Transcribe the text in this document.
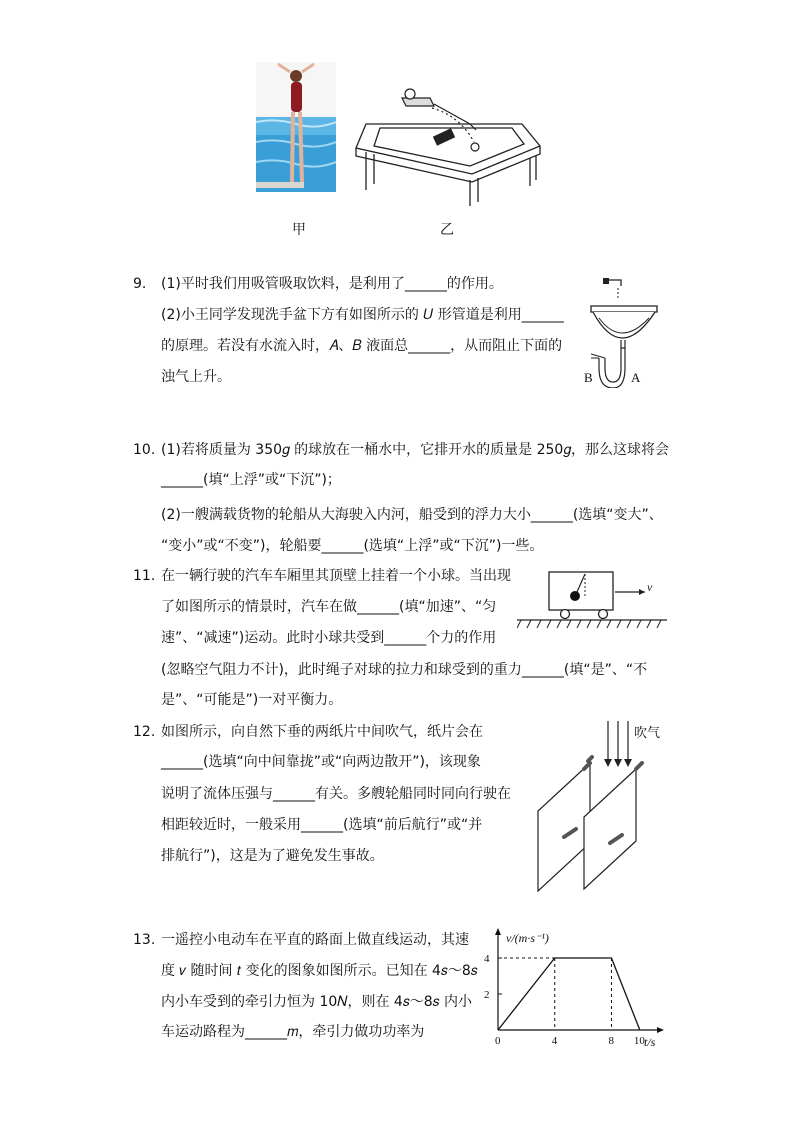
甲	乙
9. (1)平时我们用吸管吸取饮料，是利用了______的作用。
(2)小王同学发现洗手盆下方有如图所示的 𝑈 形管道是利用______
的原理。若没有水流入时，𝐴、𝐵 液面总______，从而阻止下面的
浊气上升。	B	A
10. (1)若将质量为 350𝑔 的球放在一桶水中，它排开水的质量是 250𝑔，那么这球将会
______(填“上浮”或“下沉”)；
(2)一艘满载货物的轮船从大海驶入内河，船受到的浮力大小______(选填“变大”、
“变小”或“不变”)，轮船要______(选填“上浮”或“下沉”)一些。
11. 在一辆行驶的汽车车厢里其顶壁上挂着一个小球。当出现
了如图所示的情景时，汽车在做______(填“加速”、“匀
速”、“减速”)运动。此时小球共受到______个力的作用
(忽略空气阻力不计)，此时绳子对球的拉力和球受到的重力______(填“是”、“不
是”、“可能是”)一对平衡力。
v
12. 如图所示，向自然下垂的两纸片中间吹气，纸片会在
______(选填“向中间靠拢”或“向两边散开”)，该现象
说明了流体压强与______有关。多艘轮船同时同向行驶在
相距较近时，一般采用______(选填“前后航行”或“并
排航行”)，这是为了避免发生事故。
吹气
13. 一遥控小电动车在平直的路面上做直线运动，其速
度 𝑣 随时间 𝑡 变化的图象如图所示。已知在 4𝑠～8𝑠
内小车受到的牵引力恒为 10𝑁，则在 4𝑠～8𝑠 内小
车运动路程为______𝑚，牵引力做功功率为
v/(m·s⁻¹)
t/s
2
4
0	4	8 10
